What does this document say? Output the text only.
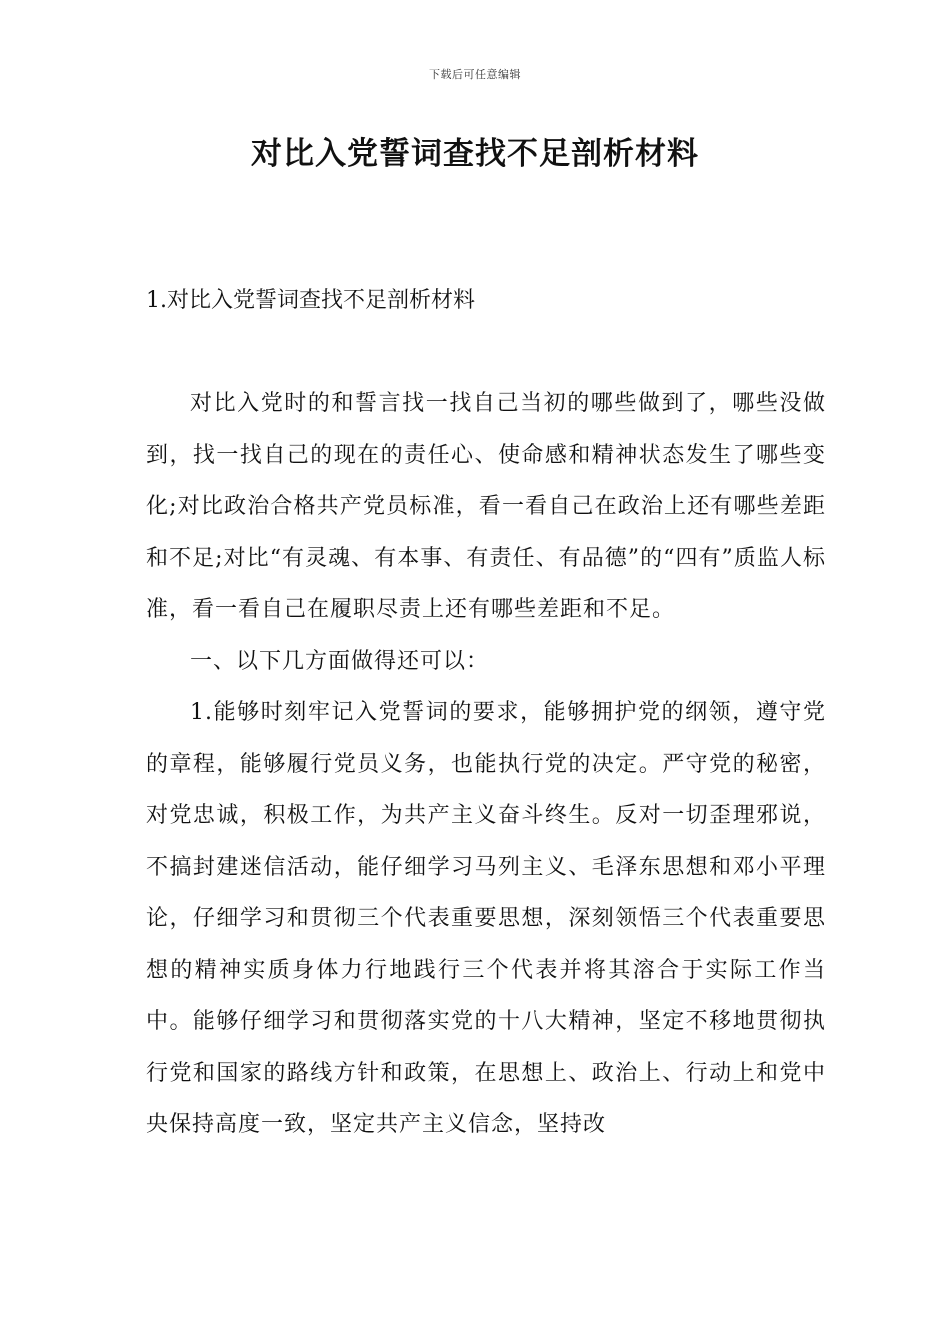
下载后可任意编辑
对比入党誓词查找不足剖析材料
1.对比入党誓词查找不足剖析材料

对比入党时的和誓言找一找自己当初的哪些做到了，哪些没做到，找一找自己的现在的责任心、使命感和精神状态发生了哪些变化;对比政治合格共产党员标准，看一看自己在政治上还有哪些差距和不足;对比“有灵魂、有本事、有责任、有品德”的“四有”质监人标准，看一看自己在履职尽责上还有哪些差距和不足。

一、以下几方面做得还可以：

1.能够时刻牢记入党誓词的要求，能够拥护党的纲领，遵守党的章程，能够履行党员义务，也能执行党的决定。严守党的秘密，对党忠诚，积极工作，为共产主义奋斗终生。反对一切歪理邪说，不搞封建迷信活动，能仔细学习马列主义、毛泽东思想和邓小平理论，仔细学习和贯彻三个代表重要思想，深刻领悟三个代表重要思想的精神实质身体力行地践行三个代表并将其溶合于实际工作当中。能够仔细学习和贯彻落实党的十八大精神，坚定不移地贯彻执行党和国家的路线方针和政策，在思想上、政治上、行动上和党中央保持高度一致，坚定共产主义信念，坚持改
